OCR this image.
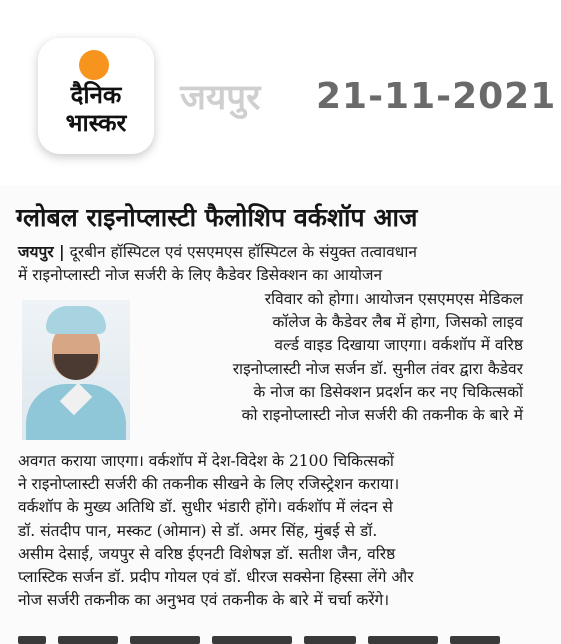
दैनिक
भास्कर
जयपुर 21-11-2021
ग्लोबल राइनोप्लास्टी फैलोशिप वर्कशॉप आज
जयपुर | दूरबीन हॉस्पिटल एवं एसएमएस हॉस्पिटल के संयुक्त तत्वावधान
में राइनोप्लास्टी नोज सर्जरी के लिए कैडेवर डिसेक्शन का आयोजन
रविवार को होगा। आयोजन एसएमएस मेडिकल
कॉलेज के कैडेवर लैब में होगा, जिसको लाइव
वर्ल्ड वाइड दिखाया जाएगा। वर्कशॉप में वरिष्ठ
राइनोप्लास्टी नोज सर्जन डॉ. सुनील तंवर द्वारा कैडेवर
के नोज का डिसेक्शन प्रदर्शन कर नए चिकित्सकों
को राइनोप्लास्टी नोज सर्जरी की तकनीक के बारे में
अवगत कराया जाएगा। वर्कशॉप में देश-विदेश के 2100 चिकित्सकों
ने राइनोप्लास्टी सर्जरी की तकनीक सीखने के लिए रजिस्ट्रेशन कराया।
वर्कशॉप के मुख्य अतिथि डॉ. सुधीर भंडारी होंगे। वर्कशॉप में लंदन से
डॉ. संतदीप पान, मस्कट (ओमान) से डॉ. अमर सिंह, मुंबई से डॉ.
असीम देसाई, जयपुर से वरिष्ठ ईएनटी विशेषज्ञ डॉ. सतीश जैन, वरिष्ठ
प्लास्टिक सर्जन डॉ. प्रदीप गोयल एवं डॉ. धीरज सक्सेना हिस्सा लेंगे और
नोज सर्जरी तकनीक का अनुभव एवं तकनीक के बारे में चर्चा करेंगे।
